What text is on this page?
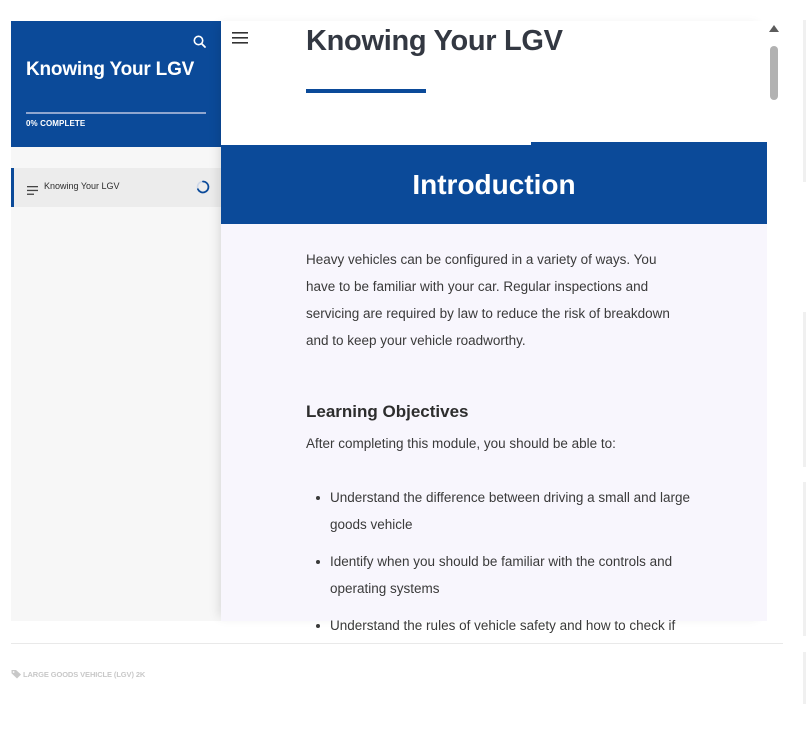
Knowing Your LGV
0% COMPLETE
Knowing Your LGV
Knowing Your LGV
Introduction

Heavy vehicles can be configured in a variety of ways. You have to be familiar with your car. Regular inspections and servicing are required by law to reduce the risk of breakdown and to keep your vehicle roadworthy.

Learning Objectives

After completing this module, you should be able to:

Understand the difference between driving a small and large goods vehicle
Identify when you should be familiar with the controls and operating systems
Understand the rules of vehicle safety and how to check if
LARGE GOODS VEHICLE (LGV) 2K
